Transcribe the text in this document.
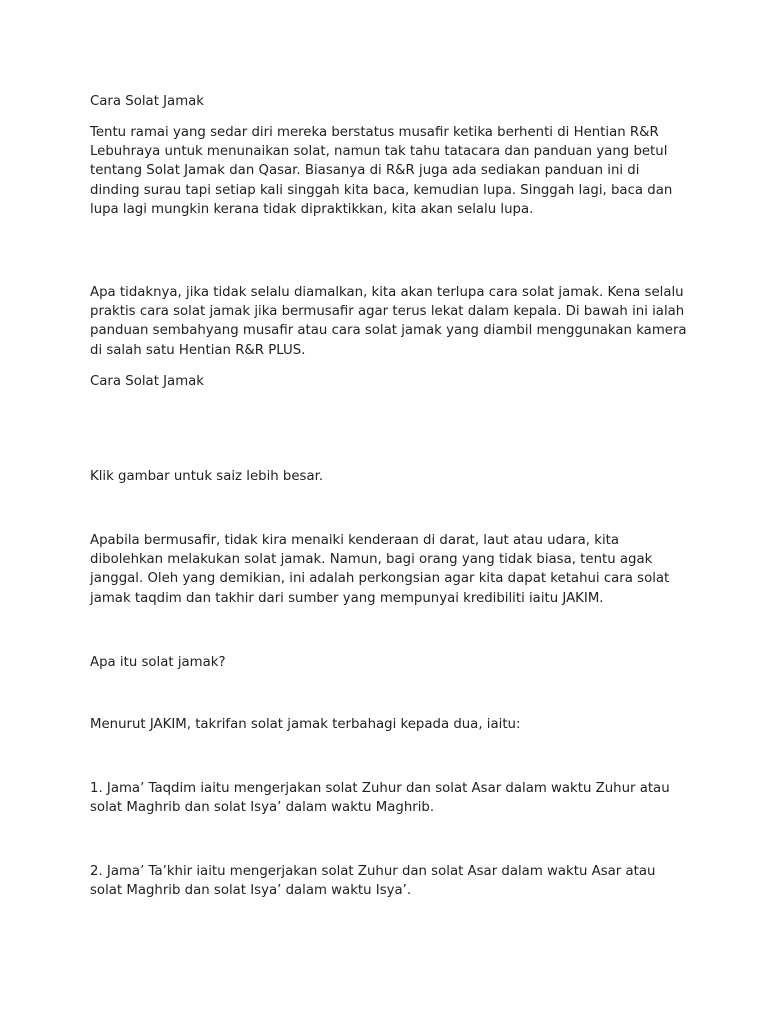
Cara Solat Jamak

Tentu ramai yang sedar diri mereka berstatus musafir ketika berhenti di Hentian R&R Lebuhraya untuk menunaikan solat, namun tak tahu tatacara dan panduan yang betul tentang Solat Jamak dan Qasar. Biasanya di R&R juga ada sediakan panduan ini di dinding surau tapi setiap kali singgah kita baca, kemudian lupa. Singgah lagi, baca dan lupa lagi mungkin kerana tidak dipraktikkan, kita akan selalu lupa.

Apa tidaknya, jika tidak selalu diamalkan, kita akan terlupa cara solat jamak. Kena selalu praktis cara solat jamak jika bermusafir agar terus lekat dalam kepala. Di bawah ini ialah panduan sembahyang musafir atau cara solat jamak yang diambil menggunakan kamera di salah satu Hentian R&R PLUS.

Cara Solat Jamak

Klik gambar untuk saiz lebih besar.

Apabila bermusafir, tidak kira menaiki kenderaan di darat, laut atau udara, kita dibolehkan melakukan solat jamak. Namun, bagi orang yang tidak biasa, tentu agak janggal. Oleh yang demikian, ini adalah perkongsian agar kita dapat ketahui cara solat jamak taqdim dan takhir dari sumber yang mempunyai kredibiliti iaitu JAKIM.

Apa itu solat jamak?

Menurut JAKIM, takrifan solat jamak terbahagi kepada dua, iaitu:

1. Jama’ Taqdim iaitu mengerjakan solat Zuhur dan solat Asar dalam waktu Zuhur atau solat Maghrib dan solat Isya’ dalam waktu Maghrib.

2. Jama’ Ta’khir iaitu mengerjakan solat Zuhur dan solat Asar dalam waktu Asar atau solat Maghrib dan solat Isya’ dalam waktu Isya’.
